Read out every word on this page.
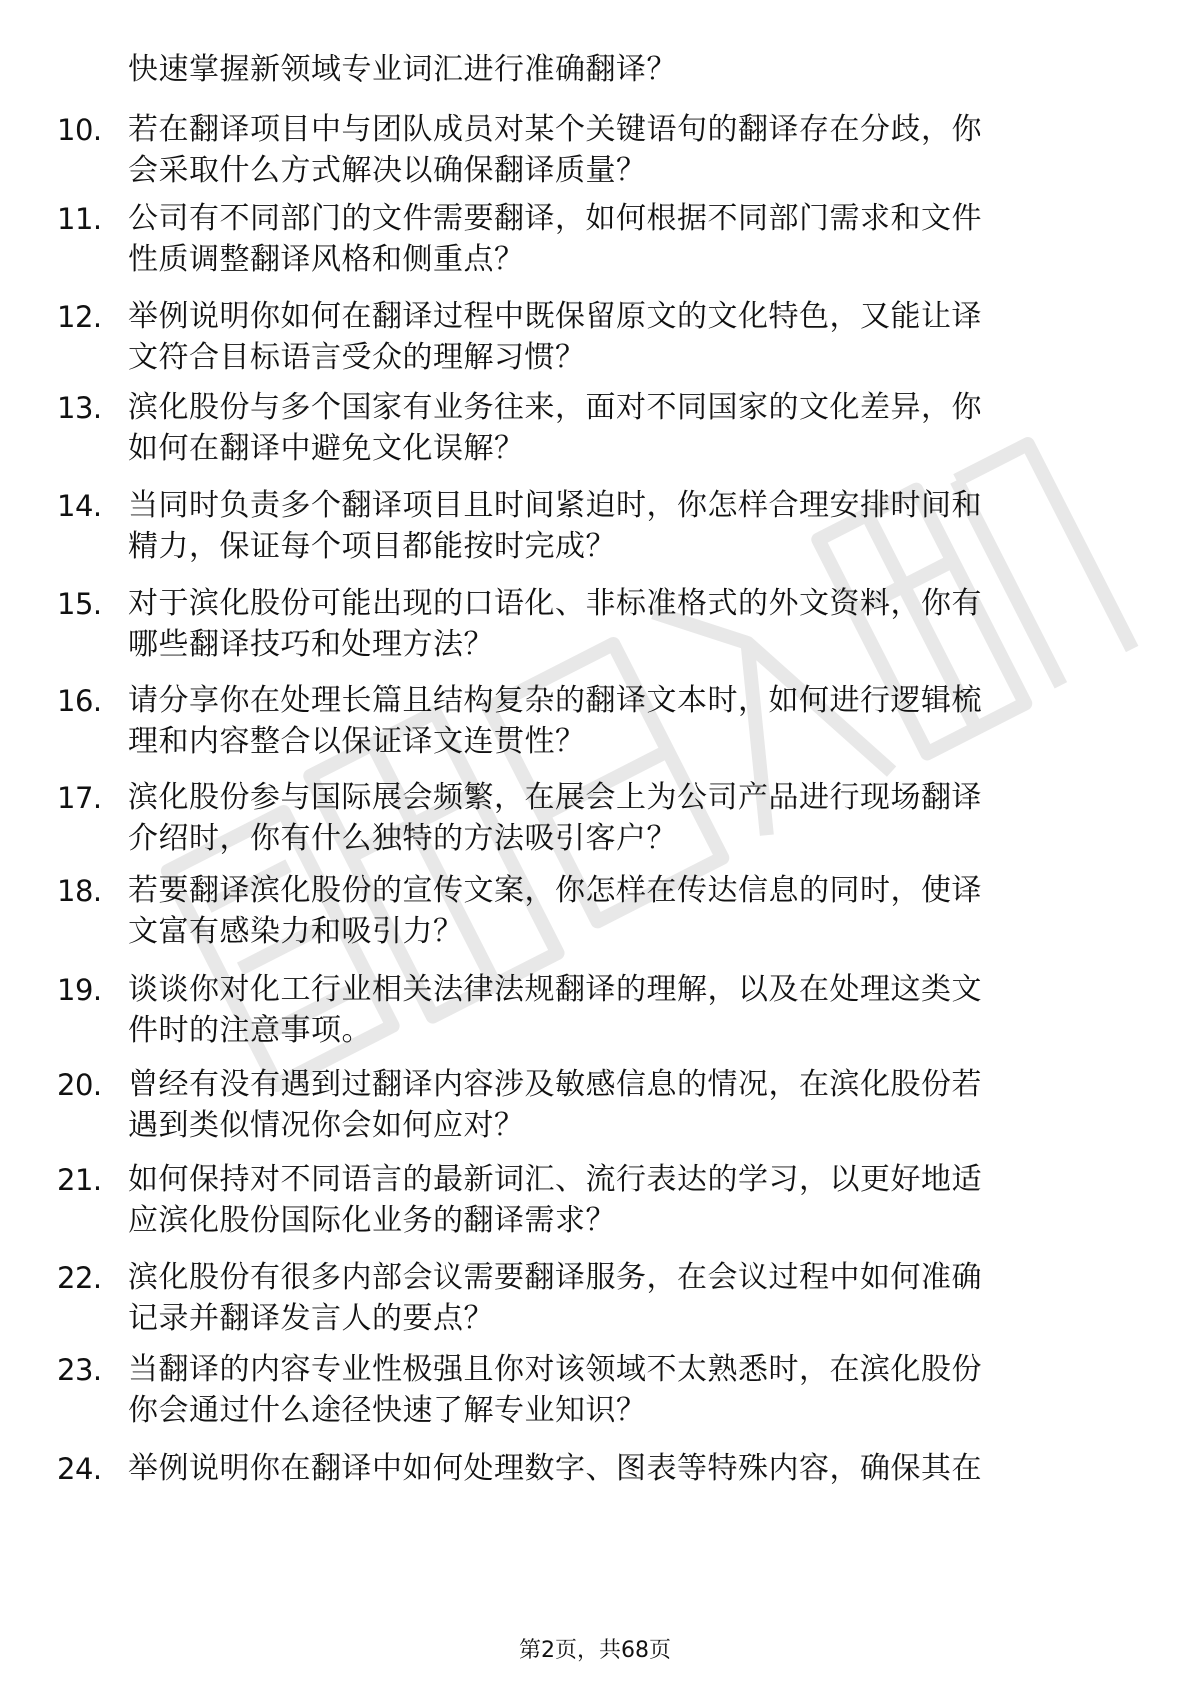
快速掌握新领域专业词汇进行准确翻译？
10. 若在翻译项目中与团队成员对某个关键语句的翻译存在分歧，你
会采取什么方式解决以确保翻译质量？
11. 公司有不同部门的文件需要翻译，如何根据不同部门需求和文件
性质调整翻译风格和侧重点？
12. 举例说明你如何在翻译过程中既保留原文的文化特色，又能让译
文符合目标语言受众的理解习惯？
13. 滨化股份与多个国家有业务往来，面对不同国家的文化差异，你
如何在翻译中避免文化误解？
14. 当同时负责多个翻译项目且时间紧迫时，你怎样合理安排时间和
精力，保证每个项目都能按时完成？
15. 对于滨化股份可能出现的口语化、非标准格式的外文资料，你有
哪些翻译技巧和处理方法？
16. 请分享你在处理长篇且结构复杂的翻译文本时，如何进行逻辑梳
理和内容整合以保证译文连贯性？
17. 滨化股份参与国际展会频繁，在展会上为公司产品进行现场翻译
介绍时，你有什么独特的方法吸引客户？
18. 若要翻译滨化股份的宣传文案，你怎样在传达信息的同时，使译
文富有感染力和吸引力？
19. 谈谈你对化工行业相关法律法规翻译的理解，以及在处理这类文
件时的注意事项。
20. 曾经有没有遇到过翻译内容涉及敏感信息的情况，在滨化股份若
遇到类似情况你会如何应对？
21. 如何保持对不同语言的最新词汇、流行表达的学习，以更好地适
应滨化股份国际化业务的翻译需求？
22. 滨化股份有很多内部会议需要翻译服务，在会议过程中如何准确
记录并翻译发言人的要点？
23. 当翻译的内容专业性极强且你对该领域不太熟悉时，在滨化股份
你会通过什么途径快速了解专业知识？
24. 举例说明你在翻译中如何处理数字、图表等特殊内容，确保其在
第2页，共68页
